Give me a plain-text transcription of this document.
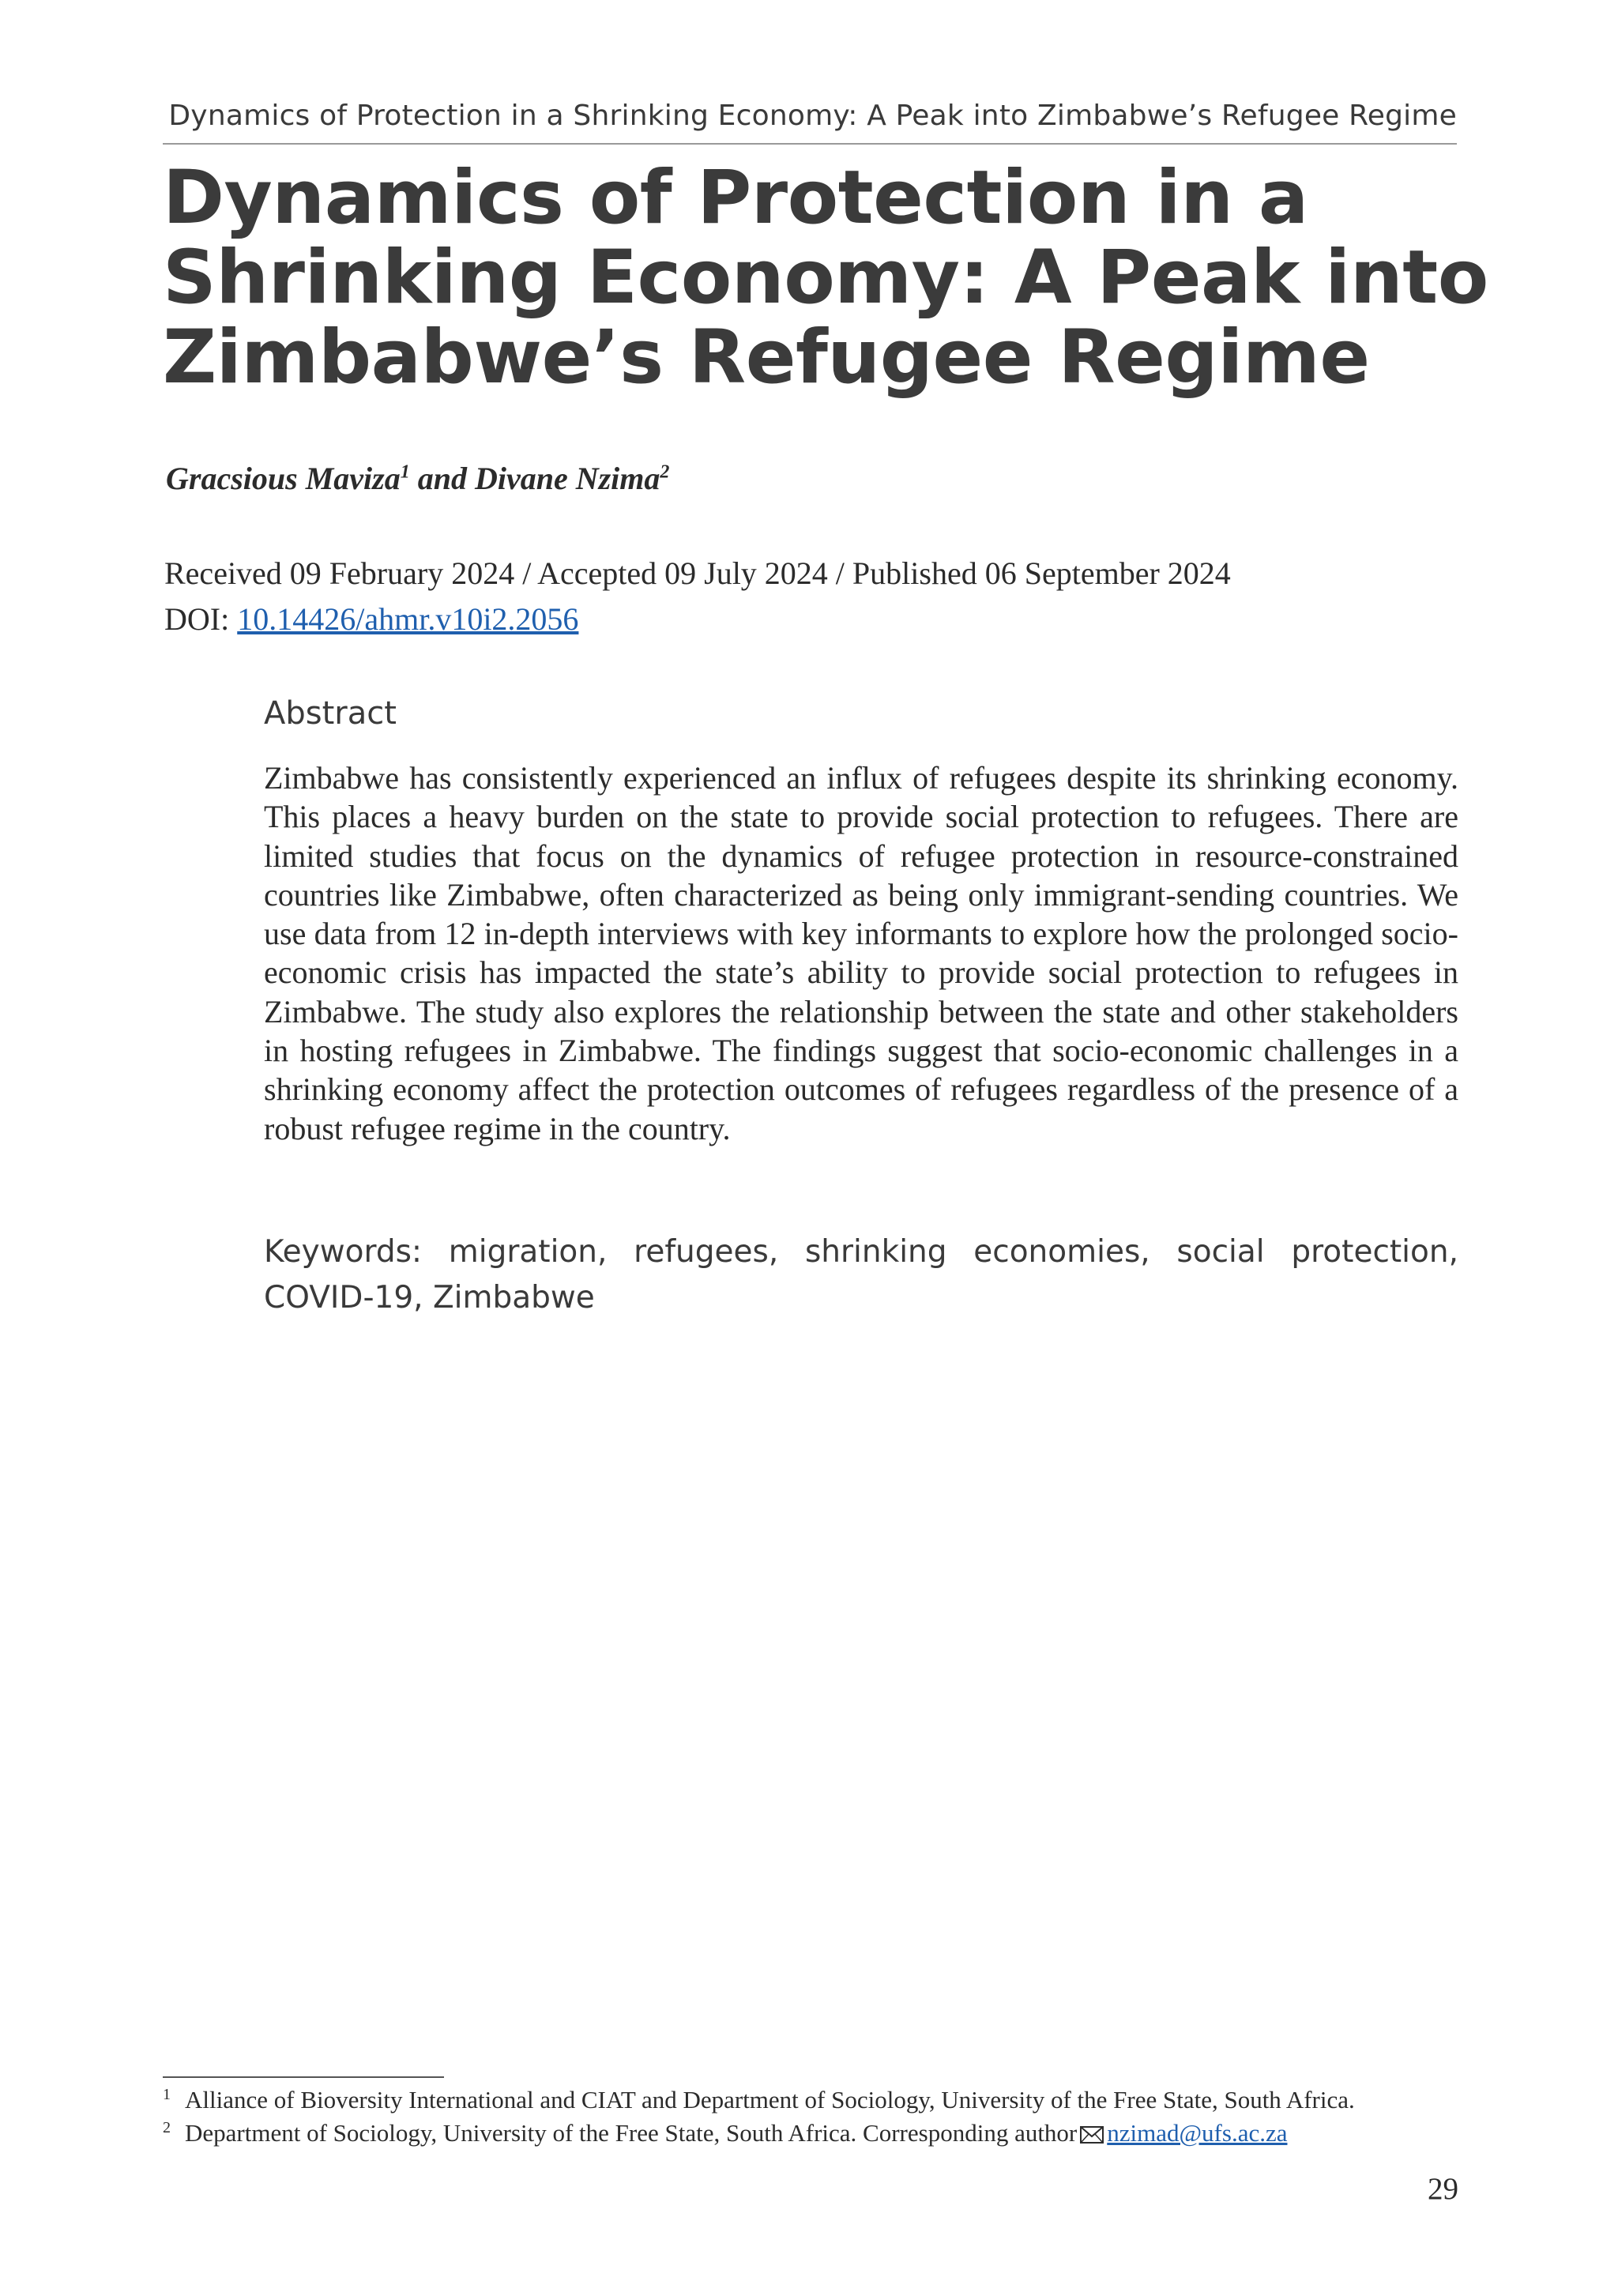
Dynamics of Protection in a Shrinking Economy: A Peak into Zimbabwe’s Refugee Regime
Dynamics of Protection in a
Shrinking Economy: A Peak into
Zimbabwe’s Refugee Regime
Gracsious Maviza$^1$ and Divane Nzima$^2$
Received 09 February 2024 / Accepted 09 July 2024 / Published 06 September 2024
DOI: 10.14426/ahmr.v10i2.2056
Abstract

Zimbabwe has consistently experienced an influx of refugees despite its shrinking economy. This places a heavy burden on the state to provide social protection to refugees. There are limited studies that focus on the dynamics of refugee protection in resource-constrained countries like Zimbabwe, often characterized as being only immigrant-sending countries. We use data from 12 in-depth interviews with key informants to explore how the prolonged socio-economic crisis has impacted the state’s ability to provide social protection to refugees in Zimbabwe. The study also explores the relationship between the state and other stakeholders in hosting refugees in Zimbabwe. The findings suggest that socio-economic challenges in a shrinking economy affect the protection outcomes of refugees regardless of the presence of a robust refugee regime in the country.

Keywords: migration, refugees, shrinking economies, social protection, COVID-19, Zimbabwe
1 Alliance of Bioversity International and CIAT and Department of Sociology, University of the Free State, South Africa.
2 Department of Sociology, University of the Free State, South Africa. Corresponding author nzimad@ufs.ac.za
29
